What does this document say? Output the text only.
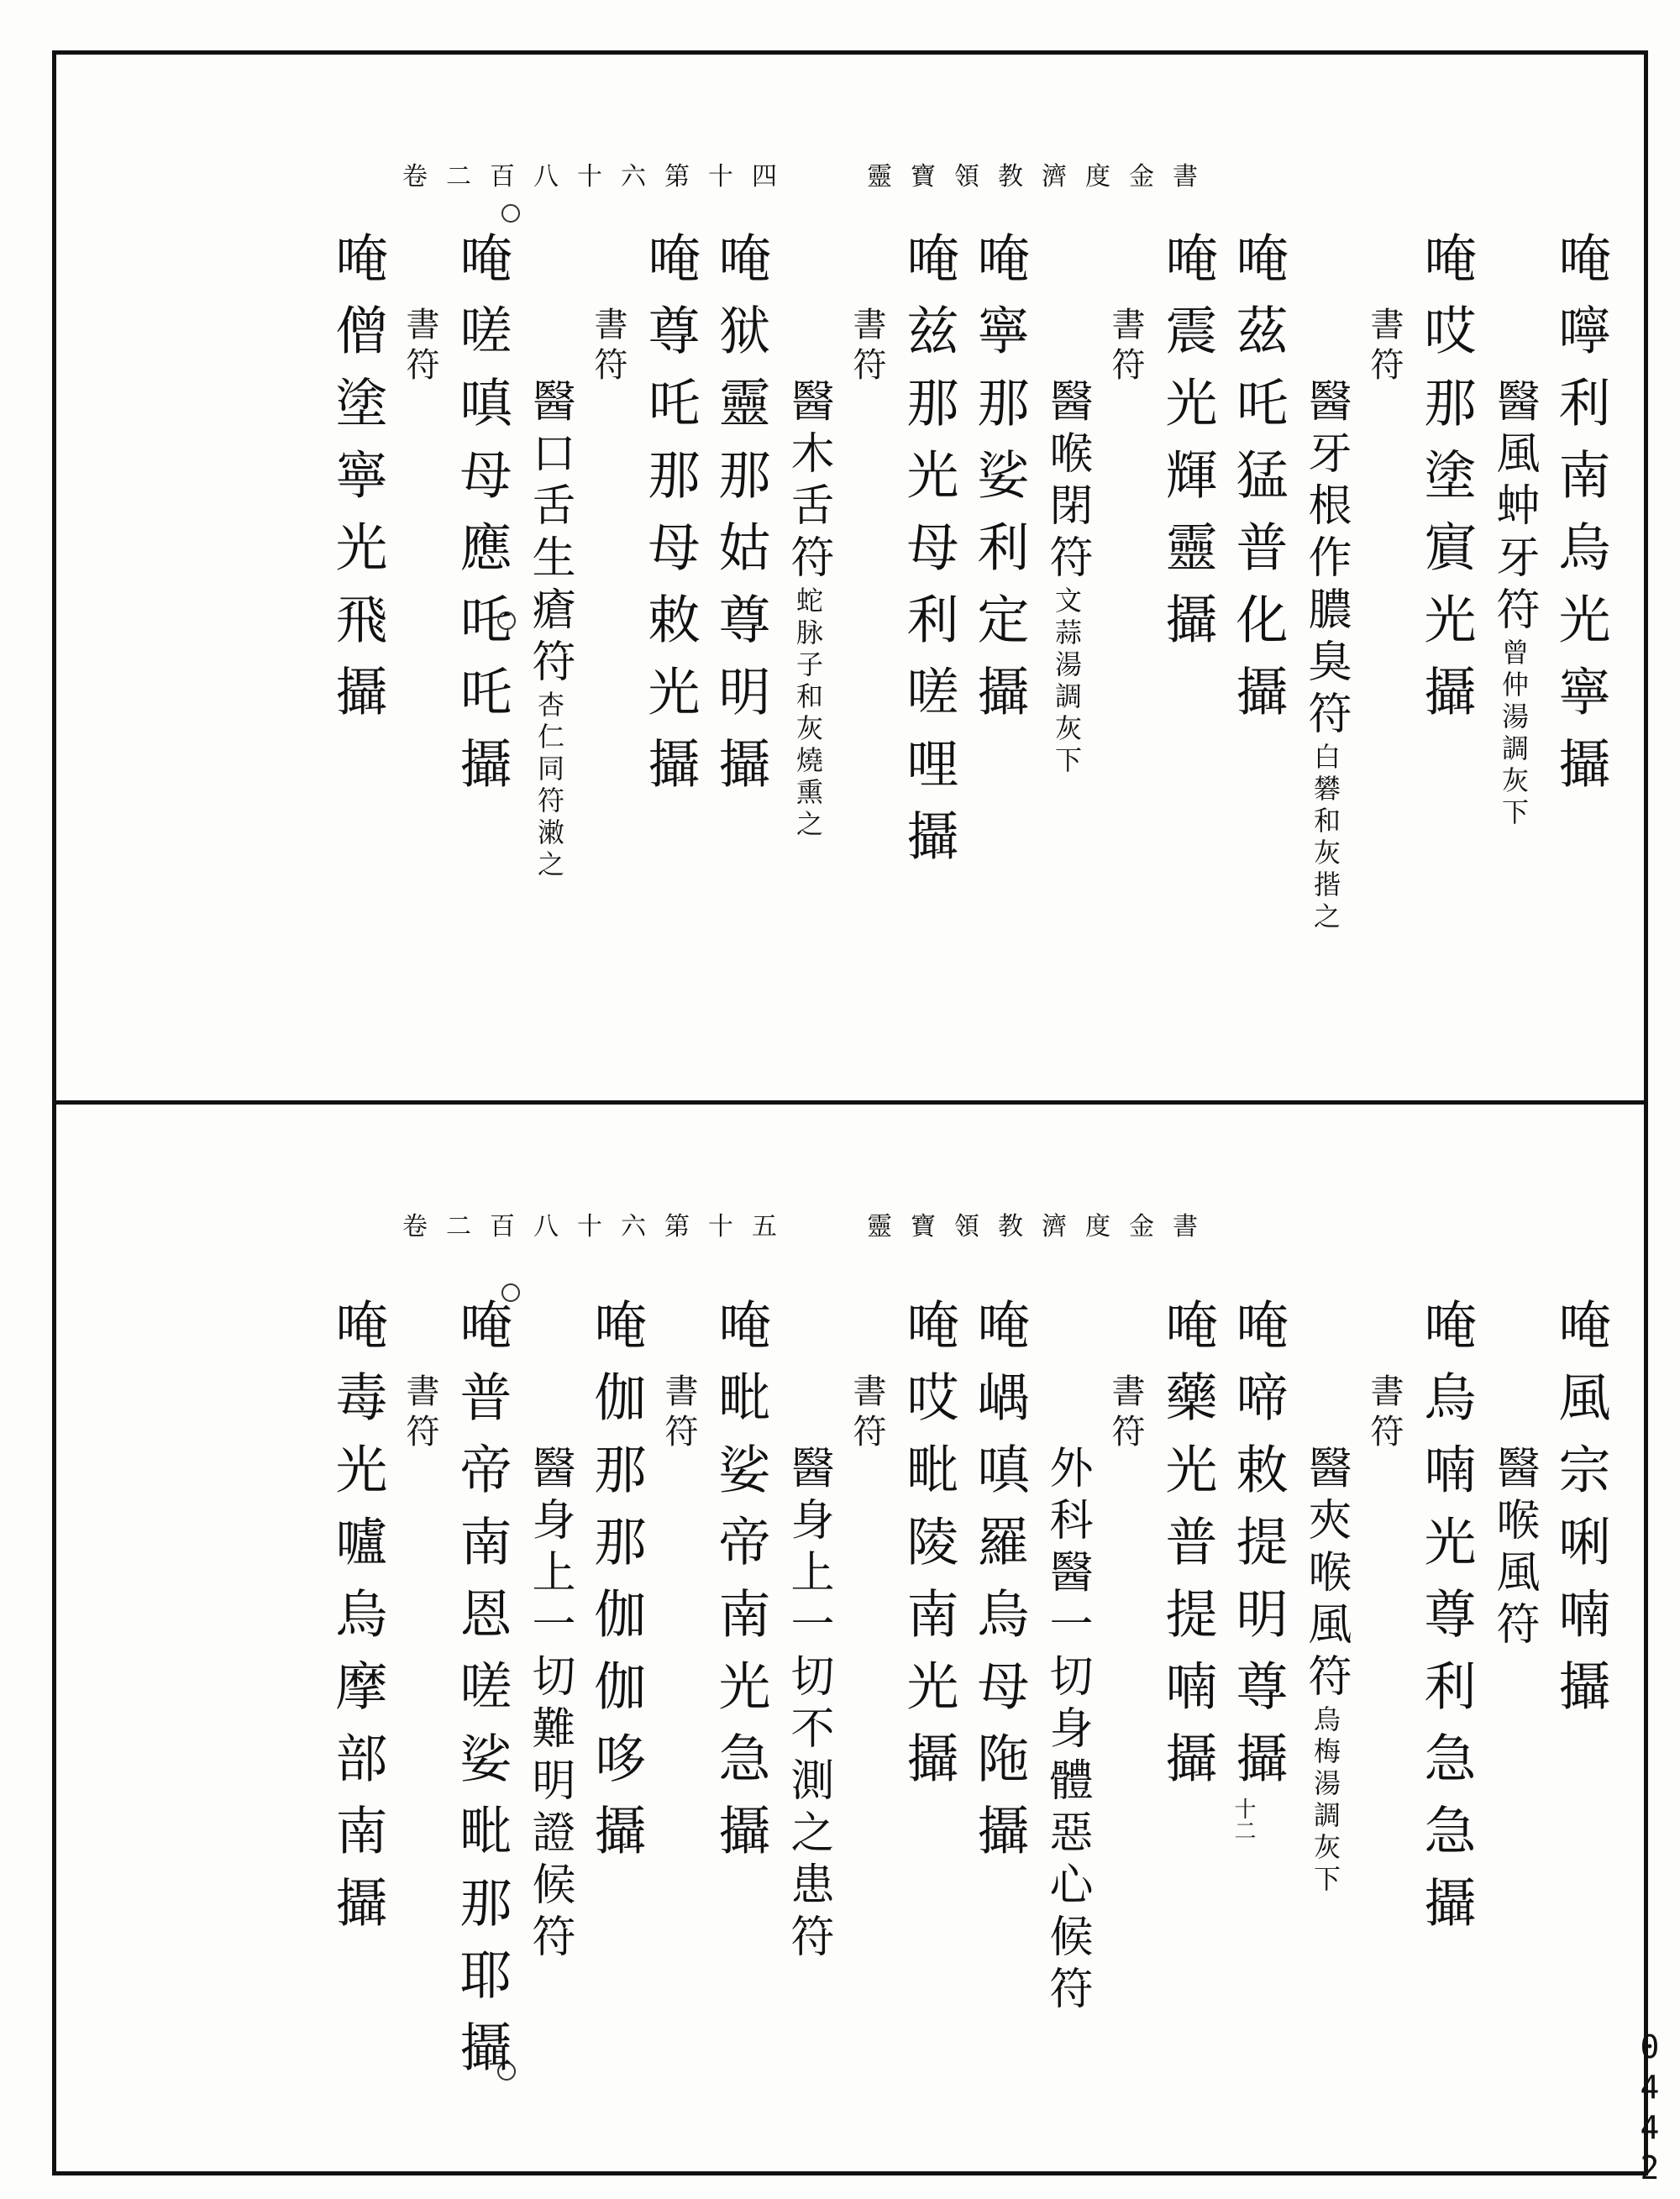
靈寶領教濟度金書
卷二百八十六第十四
唵嚀利南烏光寧攝
醫風蚛牙符曾仲湯調灰下
唵哎那塗賔光攝
書符
醫牙根作膿臭符白礬和灰揩之
唵茲吒猛普化攝
唵震光輝靈攝
書符
醫喉閉符文蒜湯調灰下
唵寧那娑利定攝
唵兹那光母利嗟哩攝
書符
醫木舌符蛇脉子和灰燒熏之
唵狱靈那姑尊明攝
唵尊吒那母敕光攝
書符
醫口舌生瘡符杏仁同符潄之
唵嗟嗔母應吒吒攝
書符
唵僧塗寧光飛攝
靈寶領教濟度金書
卷二百八十六第十五
十二
唵風宗唎喃攝
醫喉風符
唵烏喃光尊利急急攝
書符
醫夾喉風符烏梅湯調灰下
唵啼敕提明尊攝
唵藥光普提喃攝
書符
外科醫一切身體惡心候符
唵嵎嗔羅烏母陁攝
唵哎毗陵南光攝
書符
醫身上一切不測之患符
唵毗娑帝南光急攝
書符
唵伽那那伽伽哆攝
醫身上一切難明證候符
唵普帝南恩嗟娑毗那耶攝
書符
唵毒光嚧烏摩部南攝
0442
